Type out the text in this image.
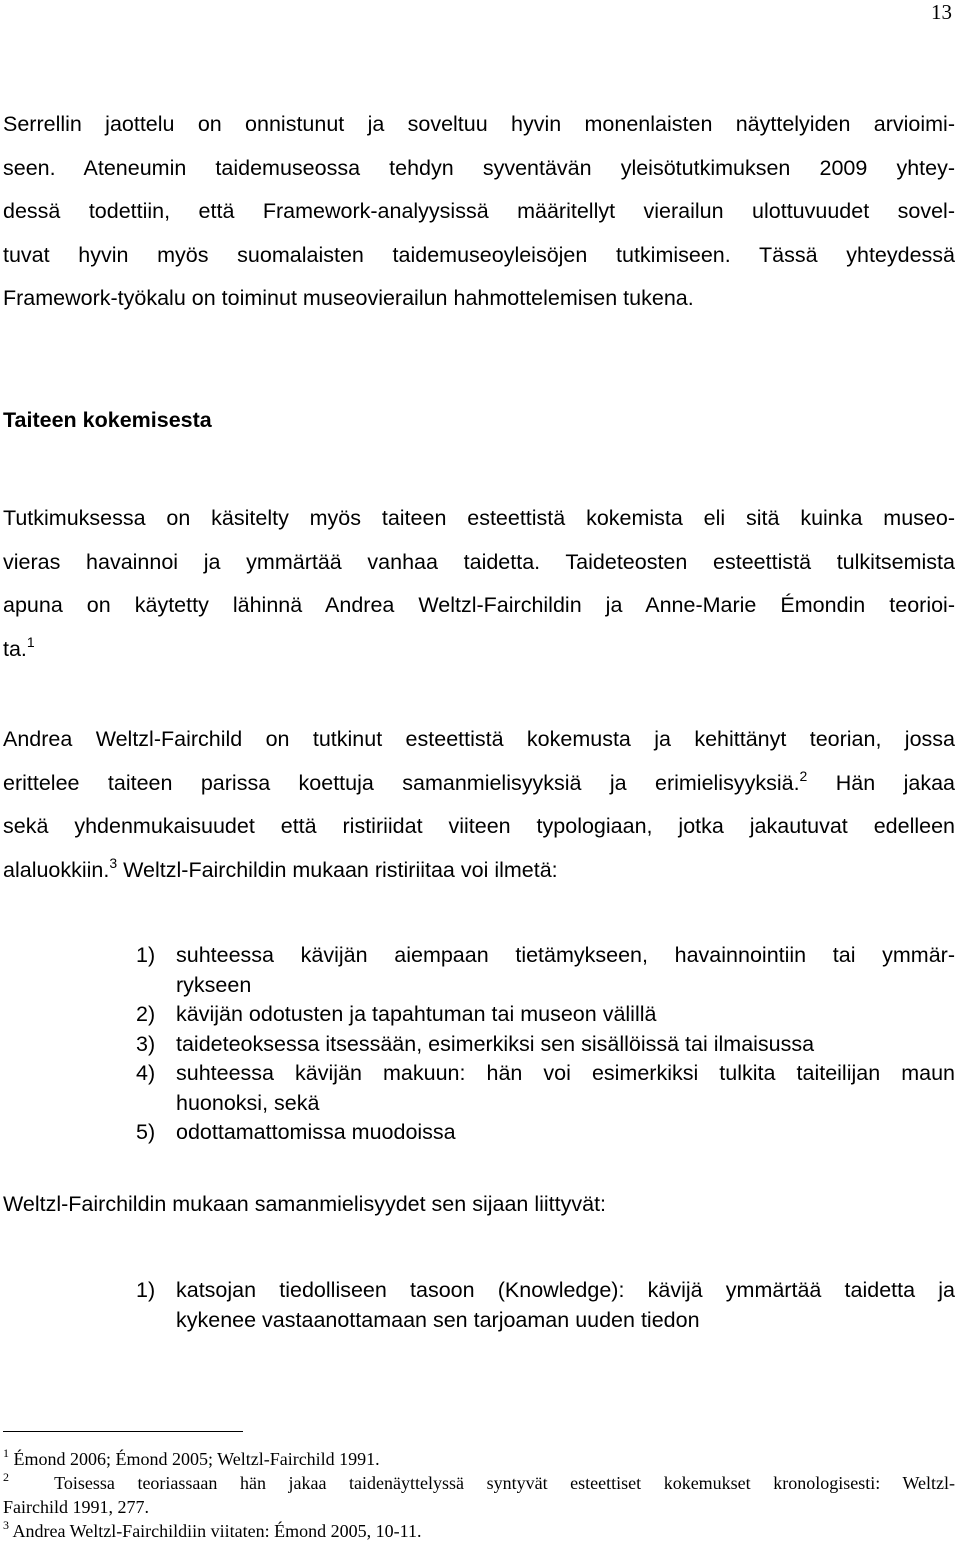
13
Serrellin jaottelu on onnistunut ja soveltuu hyvin monenlaisten näyttelyiden arvioimi-
seen. Ateneumin taidemuseossa tehdyn syventävän yleisötutkimuksen 2009 yhtey-
dessä todettiin, että Framework-analyysissä määritellyt vierailun ulottuvuudet sovel-
tuvat hyvin myös suomalaisten taidemuseoyleisöjen tutkimiseen. Tässä yhteydessä
Framework-työkalu on toiminut museovierailun hahmottelemisen tukena.
Taiteen kokemisesta
Tutkimuksessa on käsitelty myös taiteen esteettistä kokemista eli sitä kuinka museo-
vieras havainnoi ja ymmärtää vanhaa taidetta. Taideteosten esteettistä tulkitsemista
apuna on käytetty lähinnä Andrea Weltzl-Fairchildin ja Anne-Marie Émondin teorioi-
ta.$^1$
Andrea Weltzl-Fairchild on tutkinut esteettistä kokemusta ja kehittänyt teorian, jossa
erittelee taiteen parissa koettuja samanmielisyyksiä ja erimielisyyksiä.$^2$ Hän jakaa
sekä yhdenmukaisuudet että ristiriidat viiteen typologiaan, jotka jakautuvat edelleen
alaluokkiin.$^3$ Weltzl-Fairchildin mukaan ristiriitaa voi ilmetä:
1) suhteessa kävijän aiempaan tietämykseen, havainnointiin tai ymmär-
rykseen
2) kävijän odotusten ja tapahtuman tai museon välillä
3) taideteoksessa itsessään, esimerkiksi sen sisällöissä tai ilmaisussa
4) suhteessa kävijän makuun: hän voi esimerkiksi tulkita taiteilijan maun
huonoksi, sekä
5) odottamattomissa muodoissa
Weltzl-Fairchildin mukaan samanmielisyydet sen sijaan liittyvät:
1) katsojan tiedolliseen tasoon (Knowledge): kävijä ymmärtää taidetta ja
kykenee vastaanottamaan sen tarjoaman uuden tiedon
$^1$ Émond 2006; Émond 2005; Weltzl-Fairchild 1991.
$^2$	Toisessa teoriassaan hän jakaa taidenäyttelyssä syntyvät esteettiset kokemukset kronologisesti: Weltzl-
Fairchild 1991, 277.
$^3$ Andrea Weltzl-Fairchildiin viitaten: Émond 2005, 10-11.
